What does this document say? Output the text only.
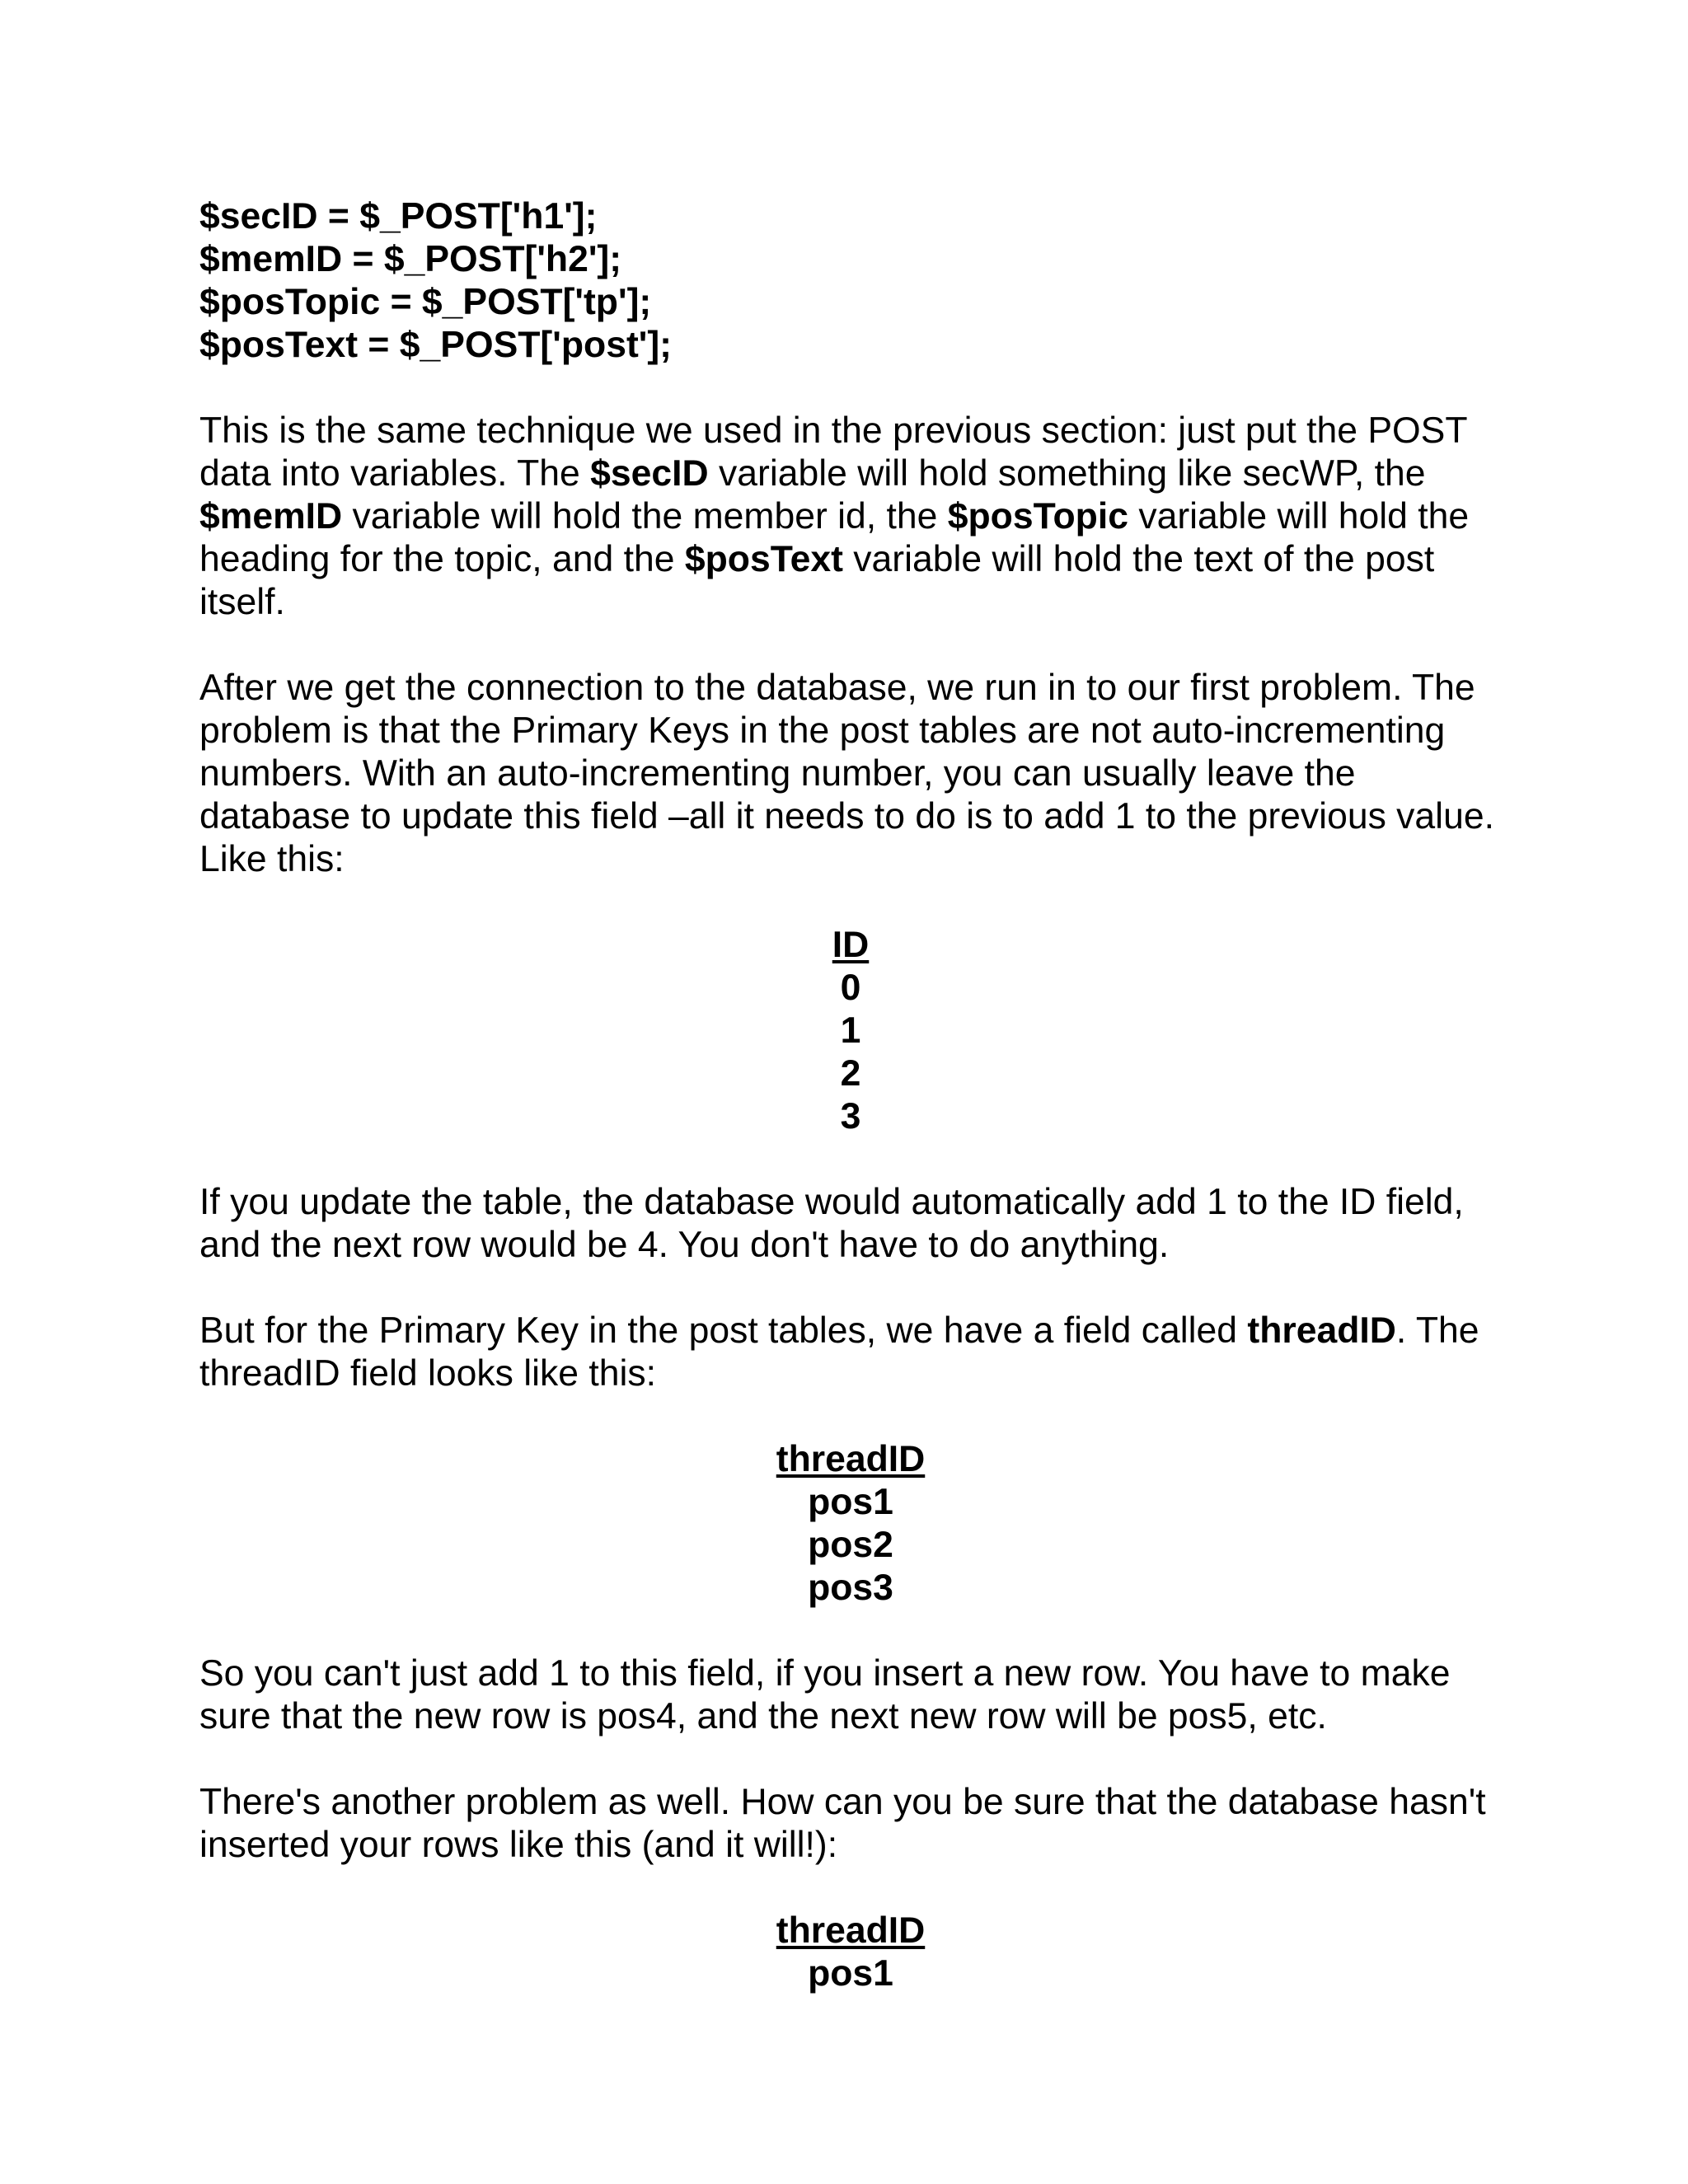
$secID = $_POST['h1'];
$memID = $_POST['h2'];
$posTopic = $_POST['tp'];
$posText = $_POST['post'];

This is the same technique we used in the previous section: just put the POST data into variables. The $secID variable will hold something like secWP, the $memID variable will hold the member id, the $posTopic variable will hold the heading for the topic, and the $posText variable will hold the text of the post itself.

After we get the connection to the database, we run in to our first problem. The problem is that the Primary Keys in the post tables are not auto-incrementing numbers. With an auto-incrementing number, you can usually leave the database to update this field –all it needs to do is to add 1 to the previous value. Like this:

ID
0
1
2
3

If you update the table, the database would automatically add 1 to the ID field, and the next row would be 4. You don't have to do anything.

But for the Primary Key in the post tables, we have a field called threadID. The threadID field looks like this:

threadID
pos1
pos2
pos3

So you can't just add 1 to this field, if you insert a new row. You have to make sure that the new row is pos4, and the next new row will be pos5, etc.

There's another problem as well. How can you be sure that the database hasn't inserted your rows like this (and it will!):

threadID
pos1
